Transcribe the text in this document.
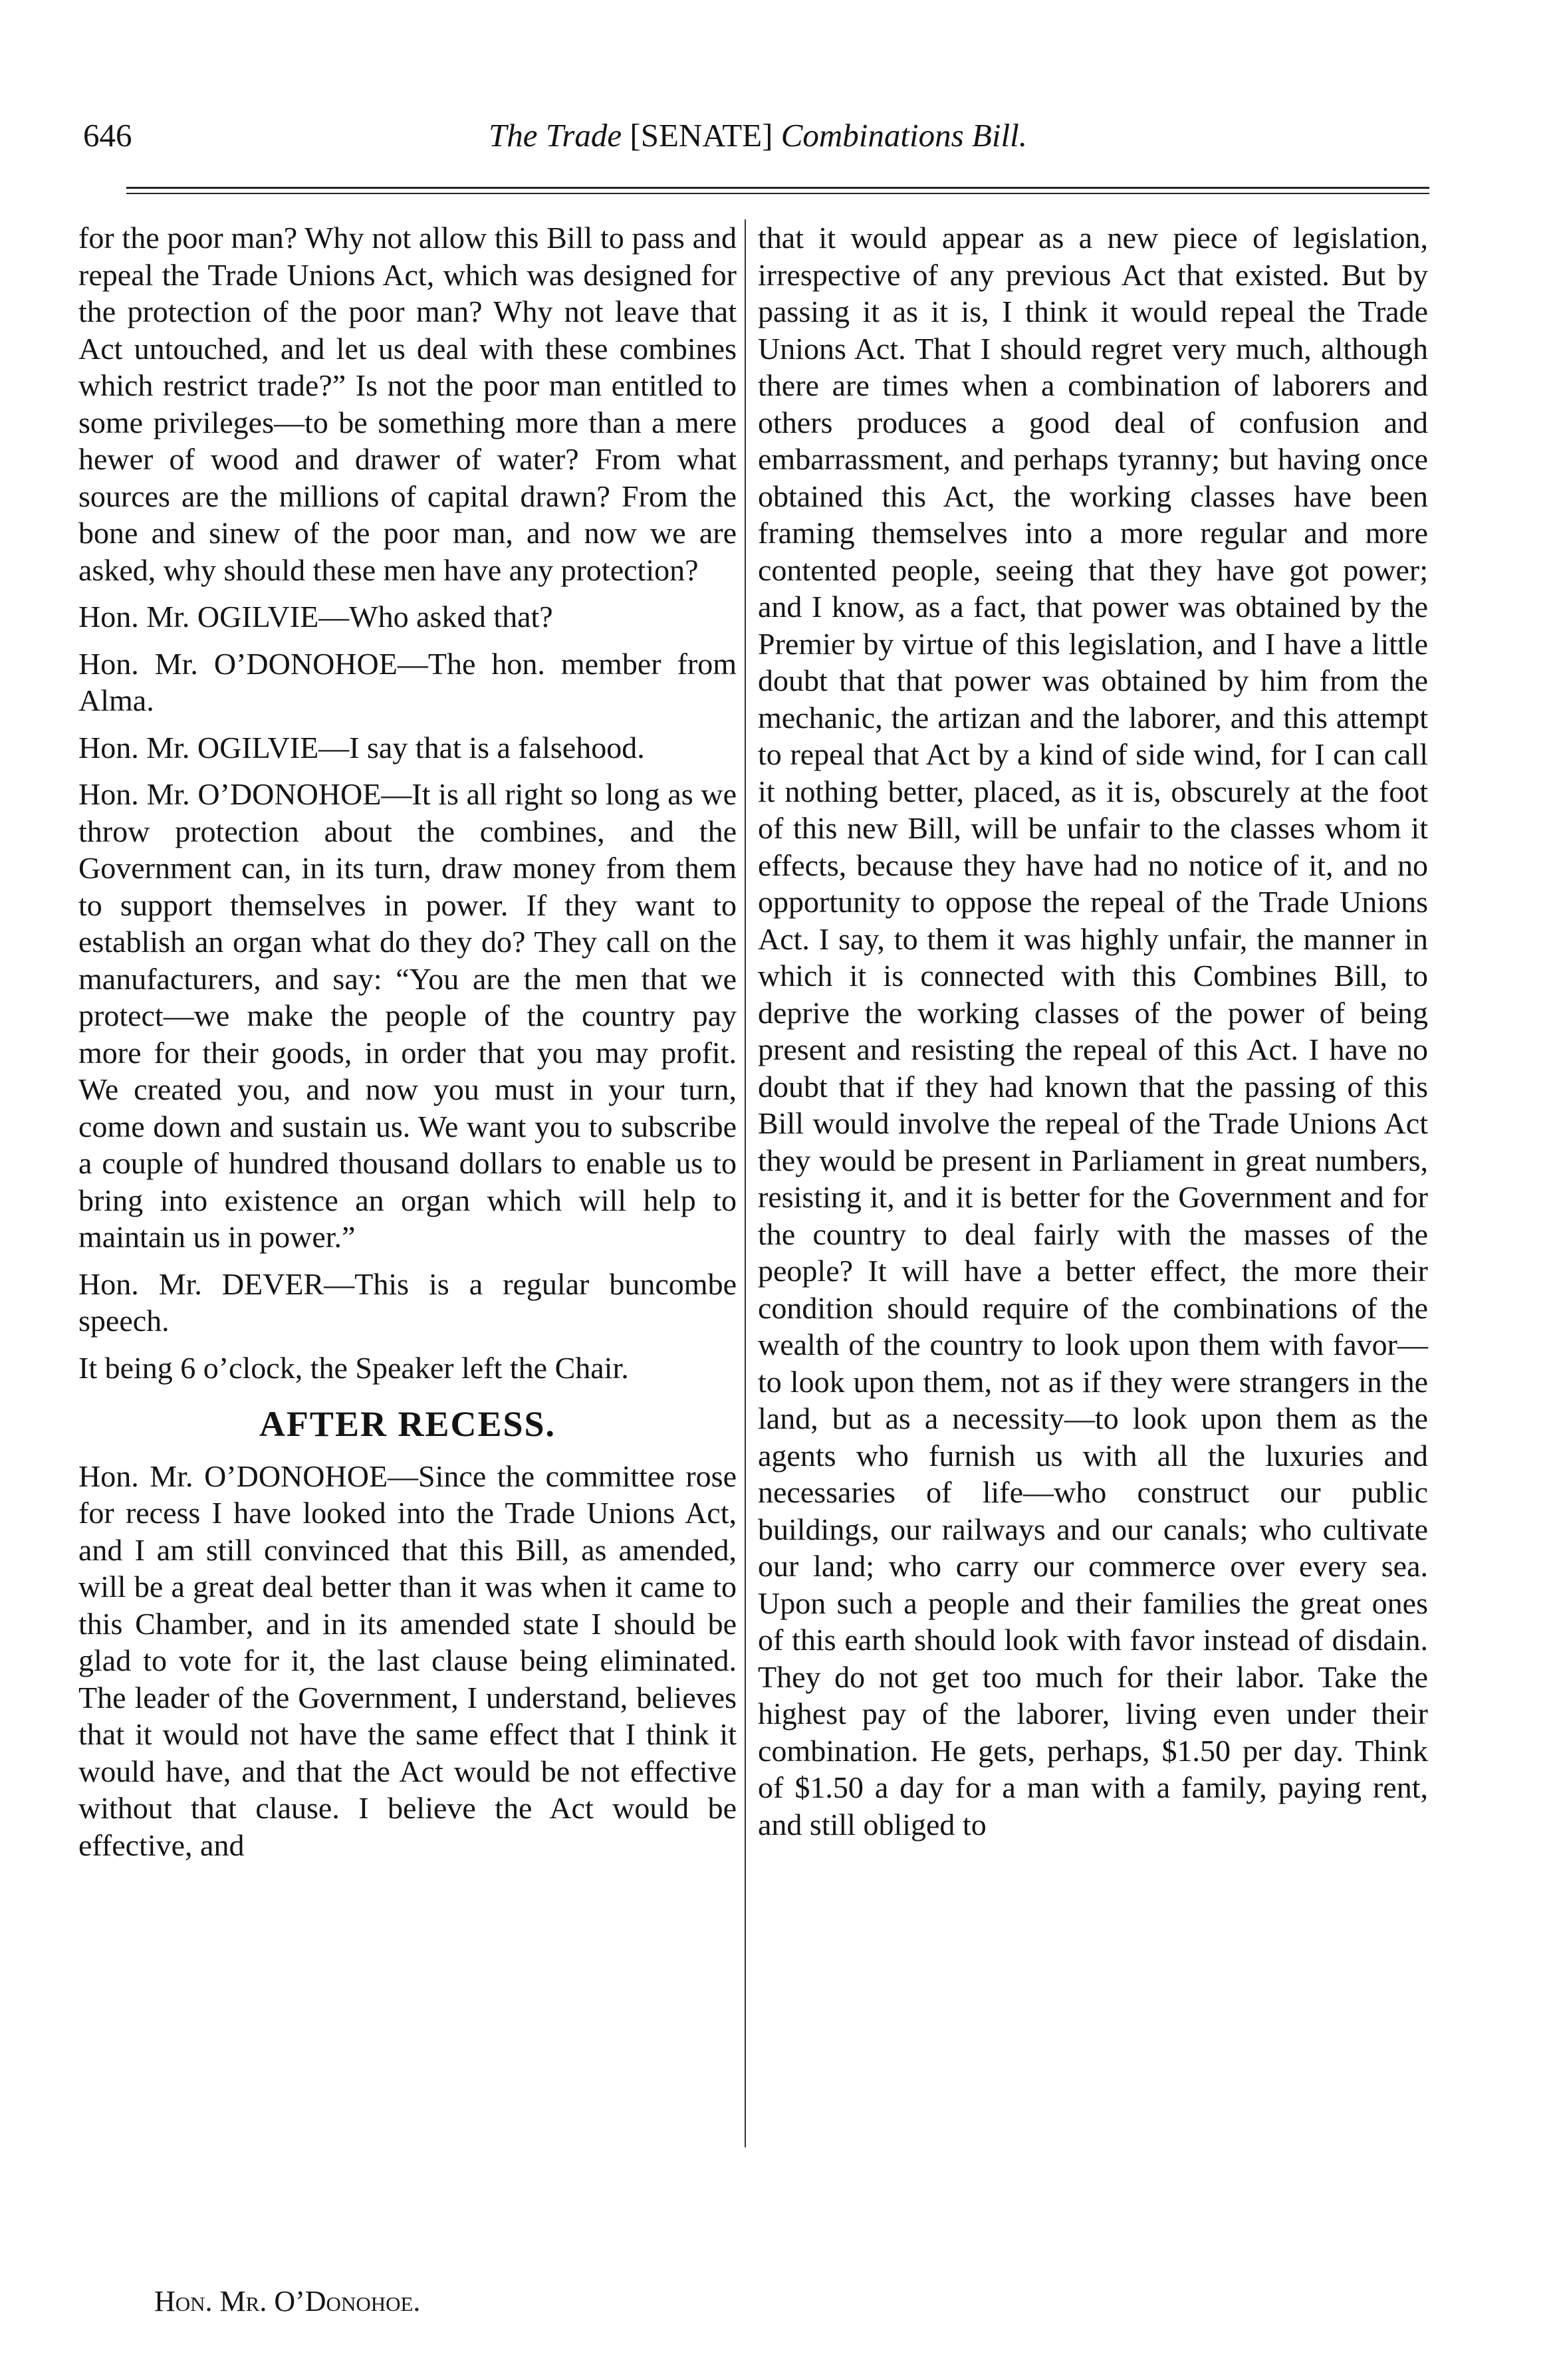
646	The Trade [SENATE] Combinations Bill.

for the poor man? Why not allow this Bill to pass and repeal the Trade Unions Act, which was designed for the protection of the poor man? Why not leave that Act untouched, and let us deal with these combines which restrict trade?” Is not the poor man entitled to some privileges—to be something more than a mere hewer of wood and drawer of water? From what sources are the millions of capital drawn? From the bone and sinew of the poor man, and now we are asked, why should these men have any protection?

Hon. Mr. OGILVIE—Who asked that?

Hon. Mr. O’DONOHOE—The hon. member from Alma.

Hon. Mr. OGILVIE—I say that is a falsehood.

Hon. Mr. O’DONOHOE—It is all right so long as we throw protection about the combines, and the Government can, in its turn, draw money from them to support themselves in power. If they want to establish an organ what do they do? They call on the manufacturers, and say: “You are the men that we protect—we make the people of the country pay more for their goods, in order that you may profit. We created you, and now you must in your turn, come down and sustain us. We want you to subscribe a couple of hundred thousand dollars to enable us to bring into existence an organ which will help to maintain us in power.”

Hon. Mr. DEVER—This is a regular buncombe speech.

It being 6 o’clock, the Speaker left the Chair.

AFTER RECESS.

Hon. Mr. O’DONOHOE—Since the committee rose for recess I have looked into the Trade Unions Act, and I am still convinced that this Bill, as amended, will be a great deal better than it was when it came to this Chamber, and in its amended state I should be glad to vote for it, the last clause being eliminated. The leader of the Government, I understand, believes that it would not have the same effect that I think it would have, and that the Act would be not effective without that clause. I believe the Act would be effective, and

that it would appear as a new piece of legislation, irrespective of any previous Act that existed. But by passing it as it is, I think it would repeal the Trade Unions Act. That I should regret very much, although there are times when a combination of laborers and others produces a good deal of confusion and embarrassment, and perhaps tyranny; but having once obtained this Act, the working classes have been framing themselves into a more regular and more contented people, seeing that they have got power; and I know, as a fact, that power was obtained by the Premier by virtue of this legislation, and I have a little doubt that that power was obtained by him from the mechanic, the artizan and the laborer, and this attempt to repeal that Act by a kind of side wind, for I can call it nothing better, placed, as it is, obscurely at the foot of this new Bill, will be unfair to the classes whom it effects, because they have had no notice of it, and no opportunity to oppose the repeal of the Trade Unions Act. I say, to them it was highly unfair, the manner in which it is connected with this Combines Bill, to deprive the working classes of the power of being present and resisting the repeal of this Act. I have no doubt that if they had known that the passing of this Bill would involve the repeal of the Trade Unions Act they would be present in Parliament in great numbers, resisting it, and it is better for the Government and for the country to deal fairly with the masses of the people? It will have a better effect, the more their condition should require of the combinations of the wealth of the country to look upon them with favor—to look upon them, not as if they were strangers in the land, but as a necessity—to look upon them as the agents who furnish us with all the luxuries and necessaries of life—who construct our public buildings, our railways and our canals; who cultivate our land; who carry our commerce over every sea. Upon such a people and their families the great ones of this earth should look with favor instead of disdain. They do not get too much for their labor. Take the highest pay of the laborer, living even under their combination. He gets, perhaps, $1.50 per day. Think of $1.50 a day for a man with a family, paying rent, and still obliged to

Hon. Mr. O’Donohoe.
